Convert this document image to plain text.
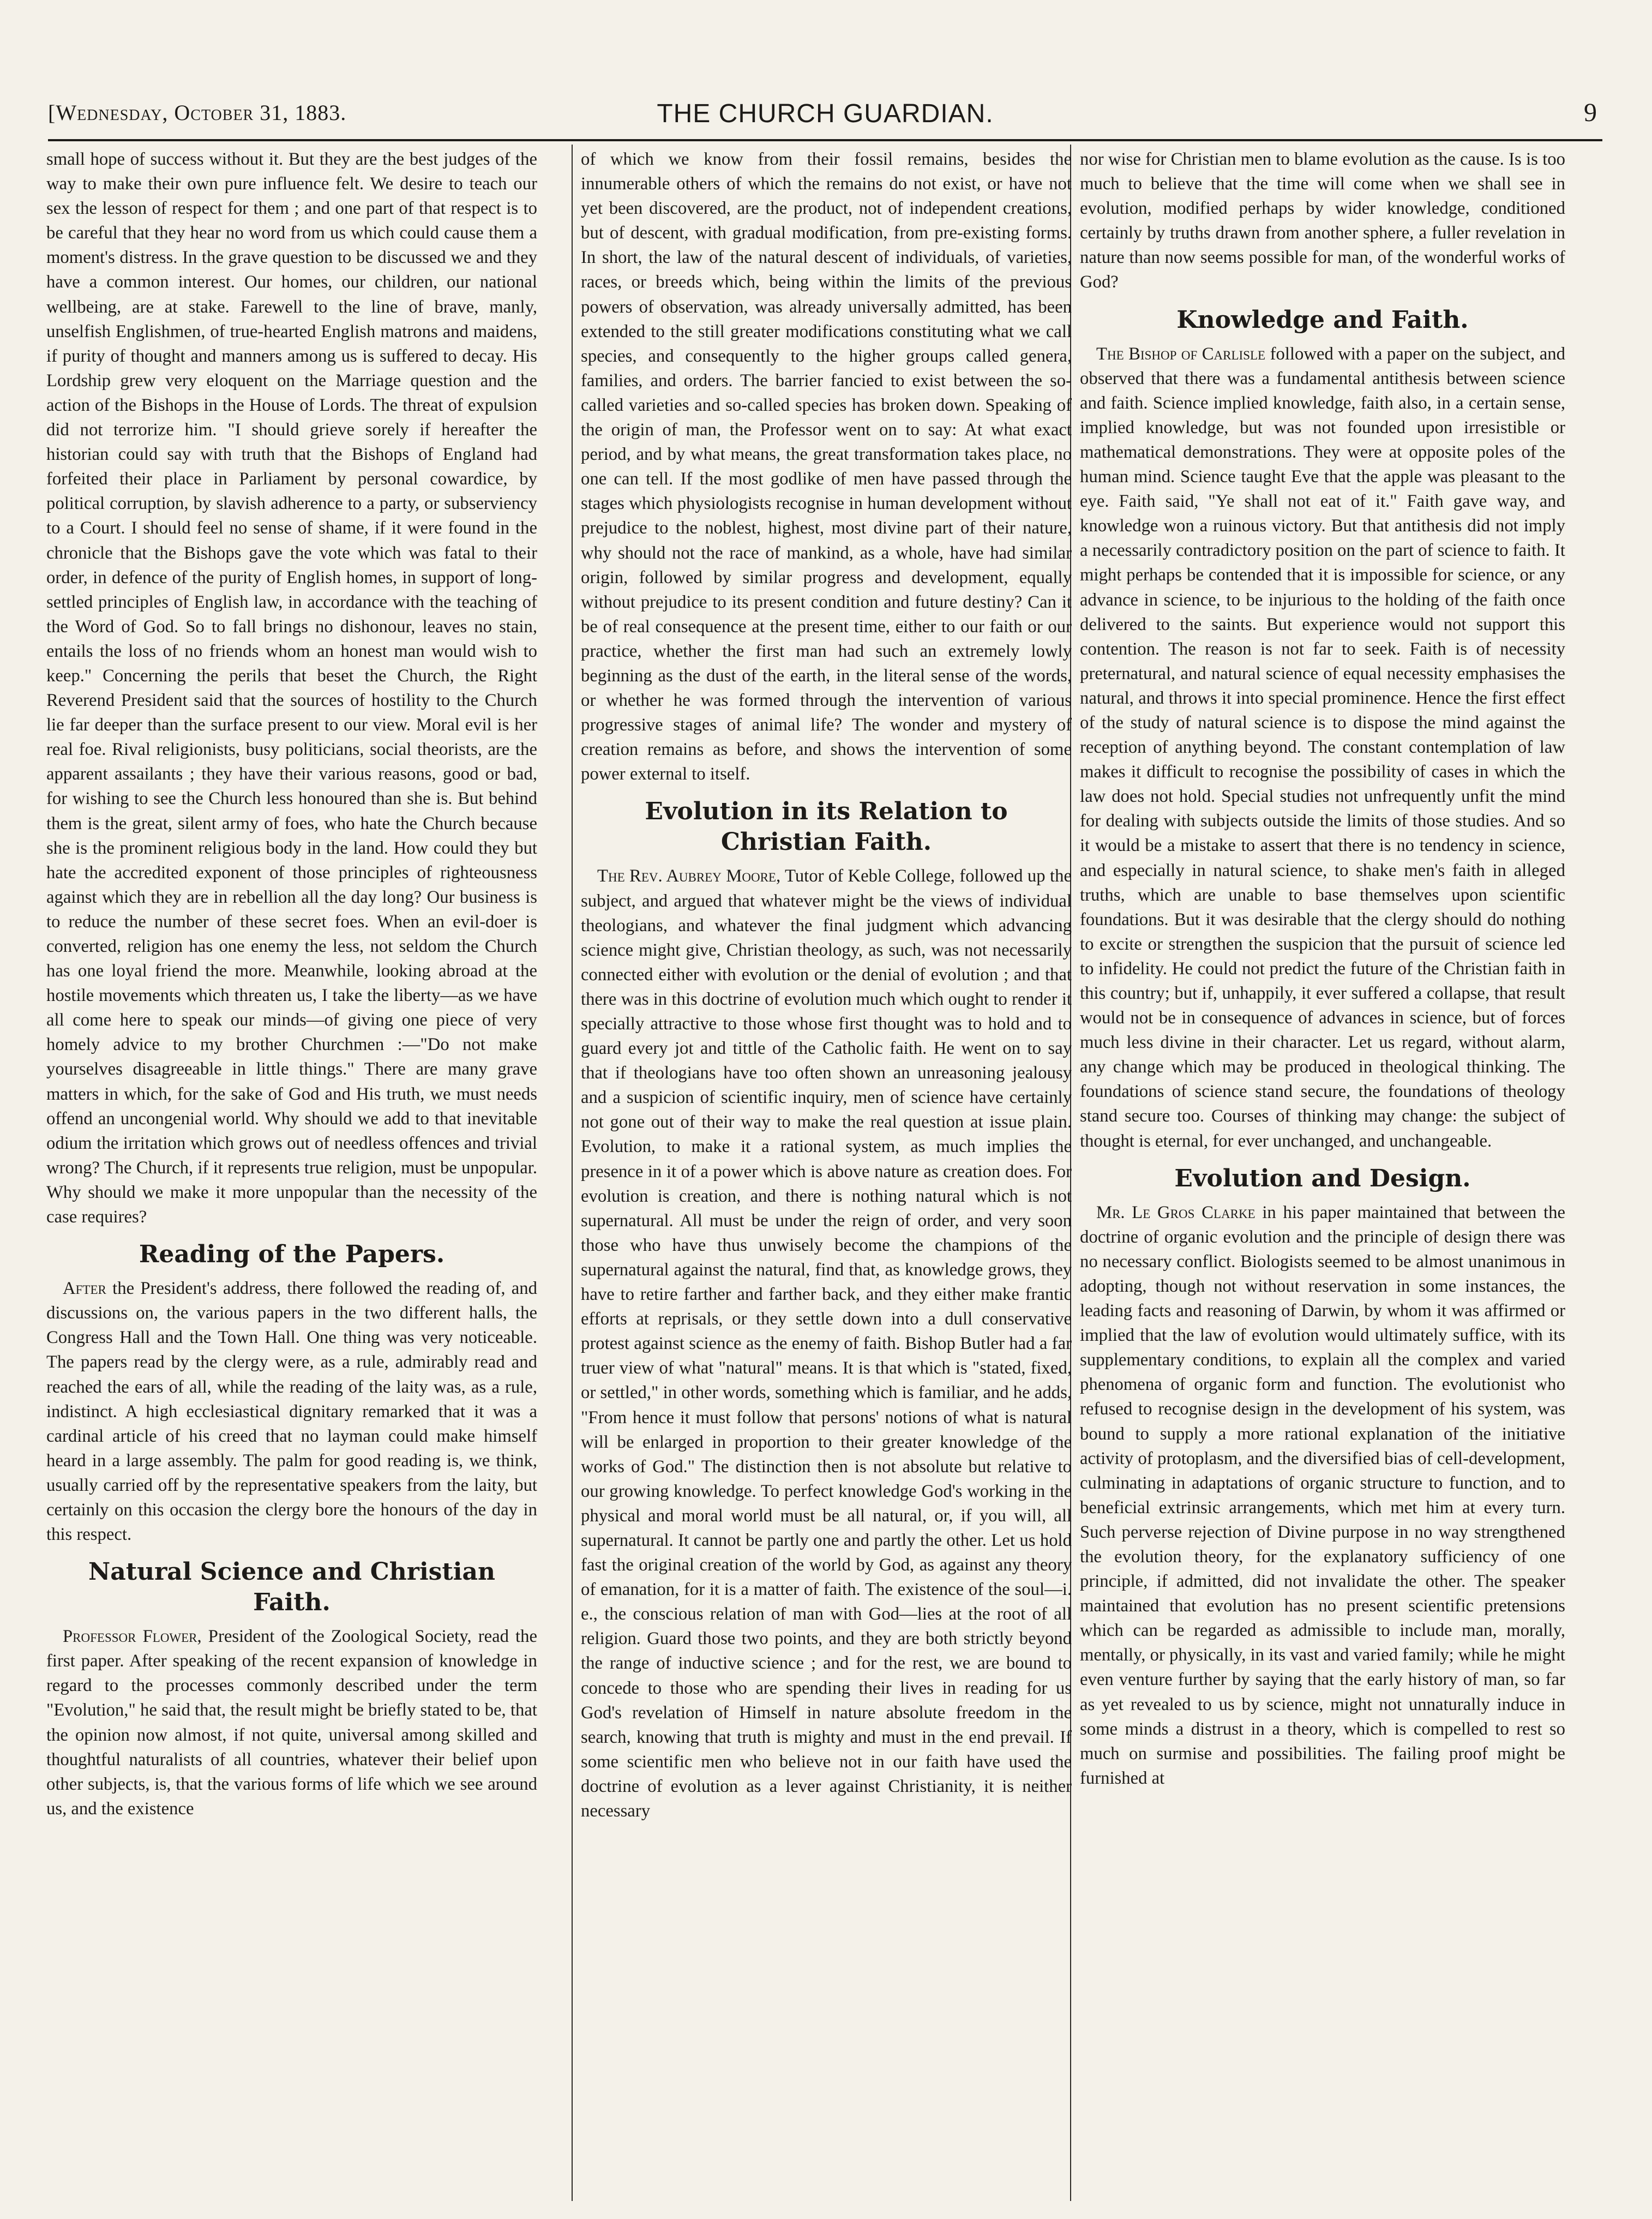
[Wednesday, October 31, 1883.	THE CHURCH GUARDIAN.	9

small hope of success without it. But they are the best judges of the way to make their own pure influence felt. We desire to teach our sex the lesson of respect for them ; and one part of that respect is to be careful that they hear no word from us which could cause them a moment's distress. In the grave question to be discussed we and they have a common interest. Our homes, our children, our national wellbeing, are at stake. Farewell to the line of brave, manly, unselfish Englishmen, of true-hearted English matrons and maidens, if purity of thought and manners among us is suffered to decay. His Lordship grew very eloquent on the Marriage question and the action of the Bishops in the House of Lords. The threat of expulsion did not terrorize him. "I should grieve sorely if hereafter the historian could say with truth that the Bishops of England had forfeited their place in Parliament by personal cowardice, by political corruption, by slavish adherence to a party, or subserviency to a Court. I should feel no sense of shame, if it were found in the chronicle that the Bishops gave the vote which was fatal to their order, in defence of the purity of English homes, in support of long-settled principles of English law, in accordance with the teaching of the Word of God. So to fall brings no dishonour, leaves no stain, entails the loss of no friends whom an honest man would wish to keep." Concerning the perils that beset the Church, the Right Reverend President said that the sources of hostility to the Church lie far deeper than the surface present to our view. Moral evil is her real foe. Rival religionists, busy politicians, social theorists, are the apparent assailants ; they have their various reasons, good or bad, for wishing to see the Church less honoured than she is. But behind them is the great, silent army of foes, who hate the Church because she is the prominent religious body in the land. How could they but hate the accredited exponent of those principles of righteousness against which they are in rebellion all the day long? Our business is to reduce the number of these secret foes. When an evil-doer is converted, religion has one enemy the less, not seldom the Church has one loyal friend the more. Meanwhile, looking abroad at the hostile movements which threaten us, I take the liberty—as we have all come here to speak our minds—of giving one piece of very homely advice to my brother Churchmen :—"Do not make yourselves disagreeable in little things." There are many grave matters in which, for the sake of God and His truth, we must needs offend an uncongenial world. Why should we add to that inevitable odium the irritation which grows out of needless offences and trivial wrong? The Church, if it represents true religion, must be unpopular. Why should we make it more unpopular than the necessity of the case requires?

Reading of the Papers.

After the President's address, there followed the reading of, and discussions on, the various papers in the two different halls, the Congress Hall and the Town Hall. One thing was very noticeable. The papers read by the clergy were, as a rule, admirably read and reached the ears of all, while the reading of the laity was, as a rule, indistinct. A high ecclesiastical dignitary remarked that it was a cardinal article of his creed that no layman could make himself heard in a large assembly. The palm for good reading is, we think, usually carried off by the representative speakers from the laity, but certainly on this occasion the clergy bore the honours of the day in this respect.

Natural Science and Christian Faith.

Professor Flower, President of the Zoological Society, read the first paper. After speaking of the recent expansion of knowledge in regard to the processes commonly described under the term "Evolution," he said that, the result might be briefly stated to be, that the opinion now almost, if not quite, universal among skilled and thoughtful naturalists of all countries, whatever their belief upon other subjects, is, that the various forms of life which we see around us, and the existence

of which we know from their fossil remains, besides the innumerable others of which the remains do not exist, or have not yet been discovered, are the product, not of independent creations, but of descent, with gradual modification, from pre-existing forms. In short, the law of the natural descent of individuals, of varieties, races, or breeds which, being within the limits of the previous powers of observation, was already universally admitted, has been extended to the still greater modifications constituting what we call species, and consequently to the higher groups called genera, families, and orders. The barrier fancied to exist between the so-called varieties and so-called species has broken down. Speaking of the origin of man, the Professor went on to say: At what exact period, and by what means, the great transformation takes place, no one can tell. If the most godlike of men have passed through the stages which physiologists recognise in human development without prejudice to the noblest, highest, most divine part of their nature, why should not the race of mankind, as a whole, have had similar origin, followed by similar progress and development, equally without prejudice to its present condition and future destiny? Can it be of real consequence at the present time, either to our faith or our practice, whether the first man had such an extremely lowly beginning as the dust of the earth, in the literal sense of the words, or whether he was formed through the intervention of various progressive stages of animal life? The wonder and mystery of creation remains as before, and shows the intervention of some power external to itself.

Evolution in its Relation to Christian Faith.

The Rev. Aubrey Moore, Tutor of Keble College, followed up the subject, and argued that whatever might be the views of individual theologians, and whatever the final judgment which advancing science might give, Christian theology, as such, was not necessarily connected either with evolution or the denial of evolution ; and that there was in this doctrine of evolution much which ought to render it specially attractive to those whose first thought was to hold and to guard every jot and tittle of the Catholic faith. He went on to say that if theologians have too often shown an unreasoning jealousy and a suspicion of scientific inquiry, men of science have certainly not gone out of their way to make the real question at issue plain. Evolution, to make it a rational system, as much implies the presence in it of a power which is above nature as creation does. For evolution is creation, and there is nothing natural which is not supernatural. All must be under the reign of order, and very soon those who have thus unwisely become the champions of the supernatural against the natural, find that, as knowledge grows, they have to retire farther and farther back, and they either make frantic efforts at reprisals, or they settle down into a dull conservative protest against science as the enemy of faith. Bishop Butler had a far truer view of what "natural" means. It is that which is "stated, fixed, or settled," in other words, something which is familiar, and he adds, "From hence it must follow that persons' notions of what is natural will be enlarged in proportion to their greater knowledge of the works of God." The distinction then is not absolute but relative to our growing knowledge. To perfect knowledge God's working in the physical and moral world must be all natural, or, if you will, all supernatural. It cannot be partly one and partly the other. Let us hold fast the original creation of the world by God, as against any theory of emanation, for it is a matter of faith. The existence of the soul—i. e., the conscious relation of man with God—lies at the root of all religion. Guard those two points, and they are both strictly beyond the range of inductive science ; and for the rest, we are bound to concede to those who are spending their lives in reading for us God's revelation of Himself in nature absolute freedom in the search, knowing that truth is mighty and must in the end prevail. If some scientific men who believe not in our faith have used the doctrine of evolution as a lever against Christianity, it is neither necessary

nor wise for Christian men to blame evolution as the cause. Is is too much to believe that the time will come when we shall see in evolution, modified perhaps by wider knowledge, conditioned certainly by truths drawn from another sphere, a fuller revelation in nature than now seems possible for man, of the wonderful works of God?

Knowledge and Faith.

The Bishop of Carlisle followed with a paper on the subject, and observed that there was a fundamental antithesis between science and faith. Science implied knowledge, faith also, in a certain sense, implied knowledge, but was not founded upon irresistible or mathematical demonstrations. They were at opposite poles of the human mind. Science taught Eve that the apple was pleasant to the eye. Faith said, "Ye shall not eat of it." Faith gave way, and knowledge won a ruinous victory. But that antithesis did not imply a necessarily contradictory position on the part of science to faith. It might perhaps be contended that it is impossible for science, or any advance in science, to be injurious to the holding of the faith once delivered to the saints. But experience would not support this contention. The reason is not far to seek. Faith is of necessity preternatural, and natural science of equal necessity emphasises the natural, and throws it into special prominence. Hence the first effect of the study of natural science is to dispose the mind against the reception of anything beyond. The constant contemplation of law makes it difficult to recognise the possibility of cases in which the law does not hold. Special studies not unfrequently unfit the mind for dealing with subjects outside the limits of those studies. And so it would be a mistake to assert that there is no tendency in science, and especially in natural science, to shake men's faith in alleged truths, which are unable to base themselves upon scientific foundations. But it was desirable that the clergy should do nothing to excite or strengthen the suspicion that the pursuit of science led to infidelity. He could not predict the future of the Christian faith in this country; but if, unhappily, it ever suffered a collapse, that result would not be in consequence of advances in science, but of forces much less divine in their character. Let us regard, without alarm, any change which may be produced in theological thinking. The foundations of science stand secure, the foundations of theology stand secure too. Courses of thinking may change: the subject of thought is eternal, for ever unchanged, and unchangeable.

Evolution and Design.

Mr. Le Gros Clarke in his paper maintained that between the doctrine of organic evolution and the principle of design there was no necessary conflict. Biologists seemed to be almost unanimous in adopting, though not without reservation in some instances, the leading facts and reasoning of Darwin, by whom it was affirmed or implied that the law of evolution would ultimately suffice, with its supplementary conditions, to explain all the complex and varied phenomena of organic form and function. The evolutionist who refused to recognise design in the development of his system, was bound to supply a more rational explanation of the initiative activity of protoplasm, and the diversified bias of cell-development, culminating in adaptations of organic structure to function, and to beneficial extrinsic arrangements, which met him at every turn. Such perverse rejection of Divine purpose in no way strengthened the evolution theory, for the explanatory sufficiency of one principle, if admitted, did not invalidate the other. The speaker maintained that evolution has no present scientific pretensions which can be regarded as admissible to include man, morally, mentally, or physically, in its vast and varied family; while he might even venture further by saying that the early history of man, so far as yet revealed to us by science, might not unnaturally induce in some minds a distrust in a theory, which is compelled to rest so much on surmise and possibilities. The failing proof might be furnished at
